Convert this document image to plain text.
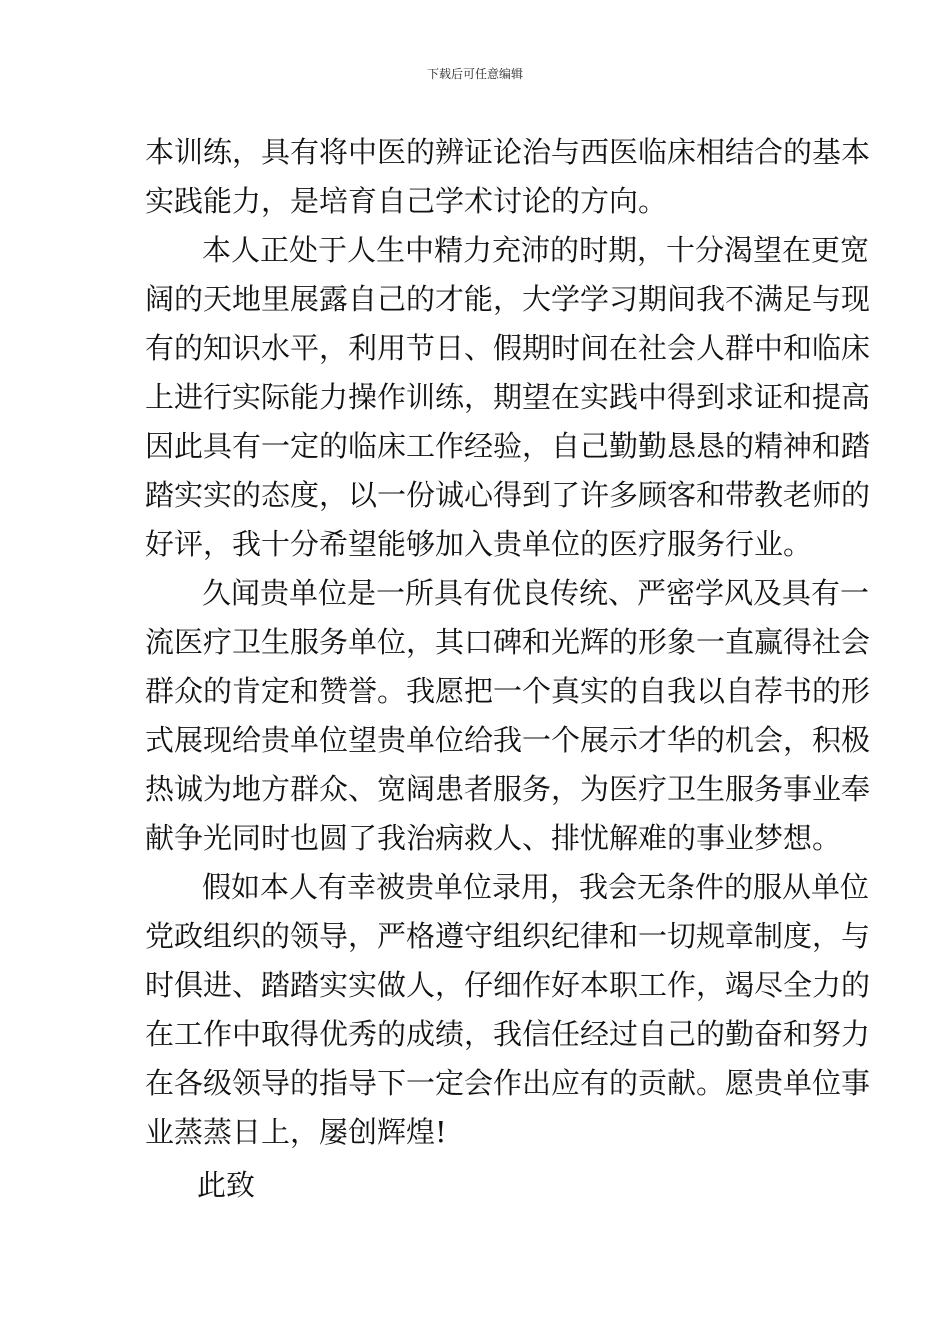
下载后可任意编辑
本训练，具有将中医的辨证论治与西医临床相结合的基本
实践能力，是培育自己学术讨论的方向。
本人正处于人生中精力充沛的时期，十分渴望在更宽
阔的天地里展露自己的才能，大学学习期间我不满足与现
有的知识水平，利用节日、假期时间在社会人群中和临床
上进行实际能力操作训练，期望在实践中得到求证和提高
因此具有一定的临床工作经验，自己勤勤恳恳的精神和踏
踏实实的态度，以一份诚心得到了许多顾客和带教老师的
好评，我十分希望能够加入贵单位的医疗服务行业。
久闻贵单位是一所具有优良传统、严密学风及具有一
流医疗卫生服务单位，其口碑和光辉的形象一直赢得社会
群众的肯定和赞誉。我愿把一个真实的自我以自荐书的形
式展现给贵单位望贵单位给我一个展示才华的机会，积极
热诚为地方群众、宽阔患者服务，为医疗卫生服务事业奉
献争光同时也圆了我治病救人、排忧解难的事业梦想。
假如本人有幸被贵单位录用，我会无条件的服从单位
党政组织的领导，严格遵守组织纪律和一切规章制度，与
时俱进、踏踏实实做人，仔细作好本职工作，竭尽全力的
在工作中取得优秀的成绩，我信任经过自己的勤奋和努力
在各级领导的指导下一定会作出应有的贡献。愿贵单位事
业蒸蒸日上，屡创辉煌!
此致
